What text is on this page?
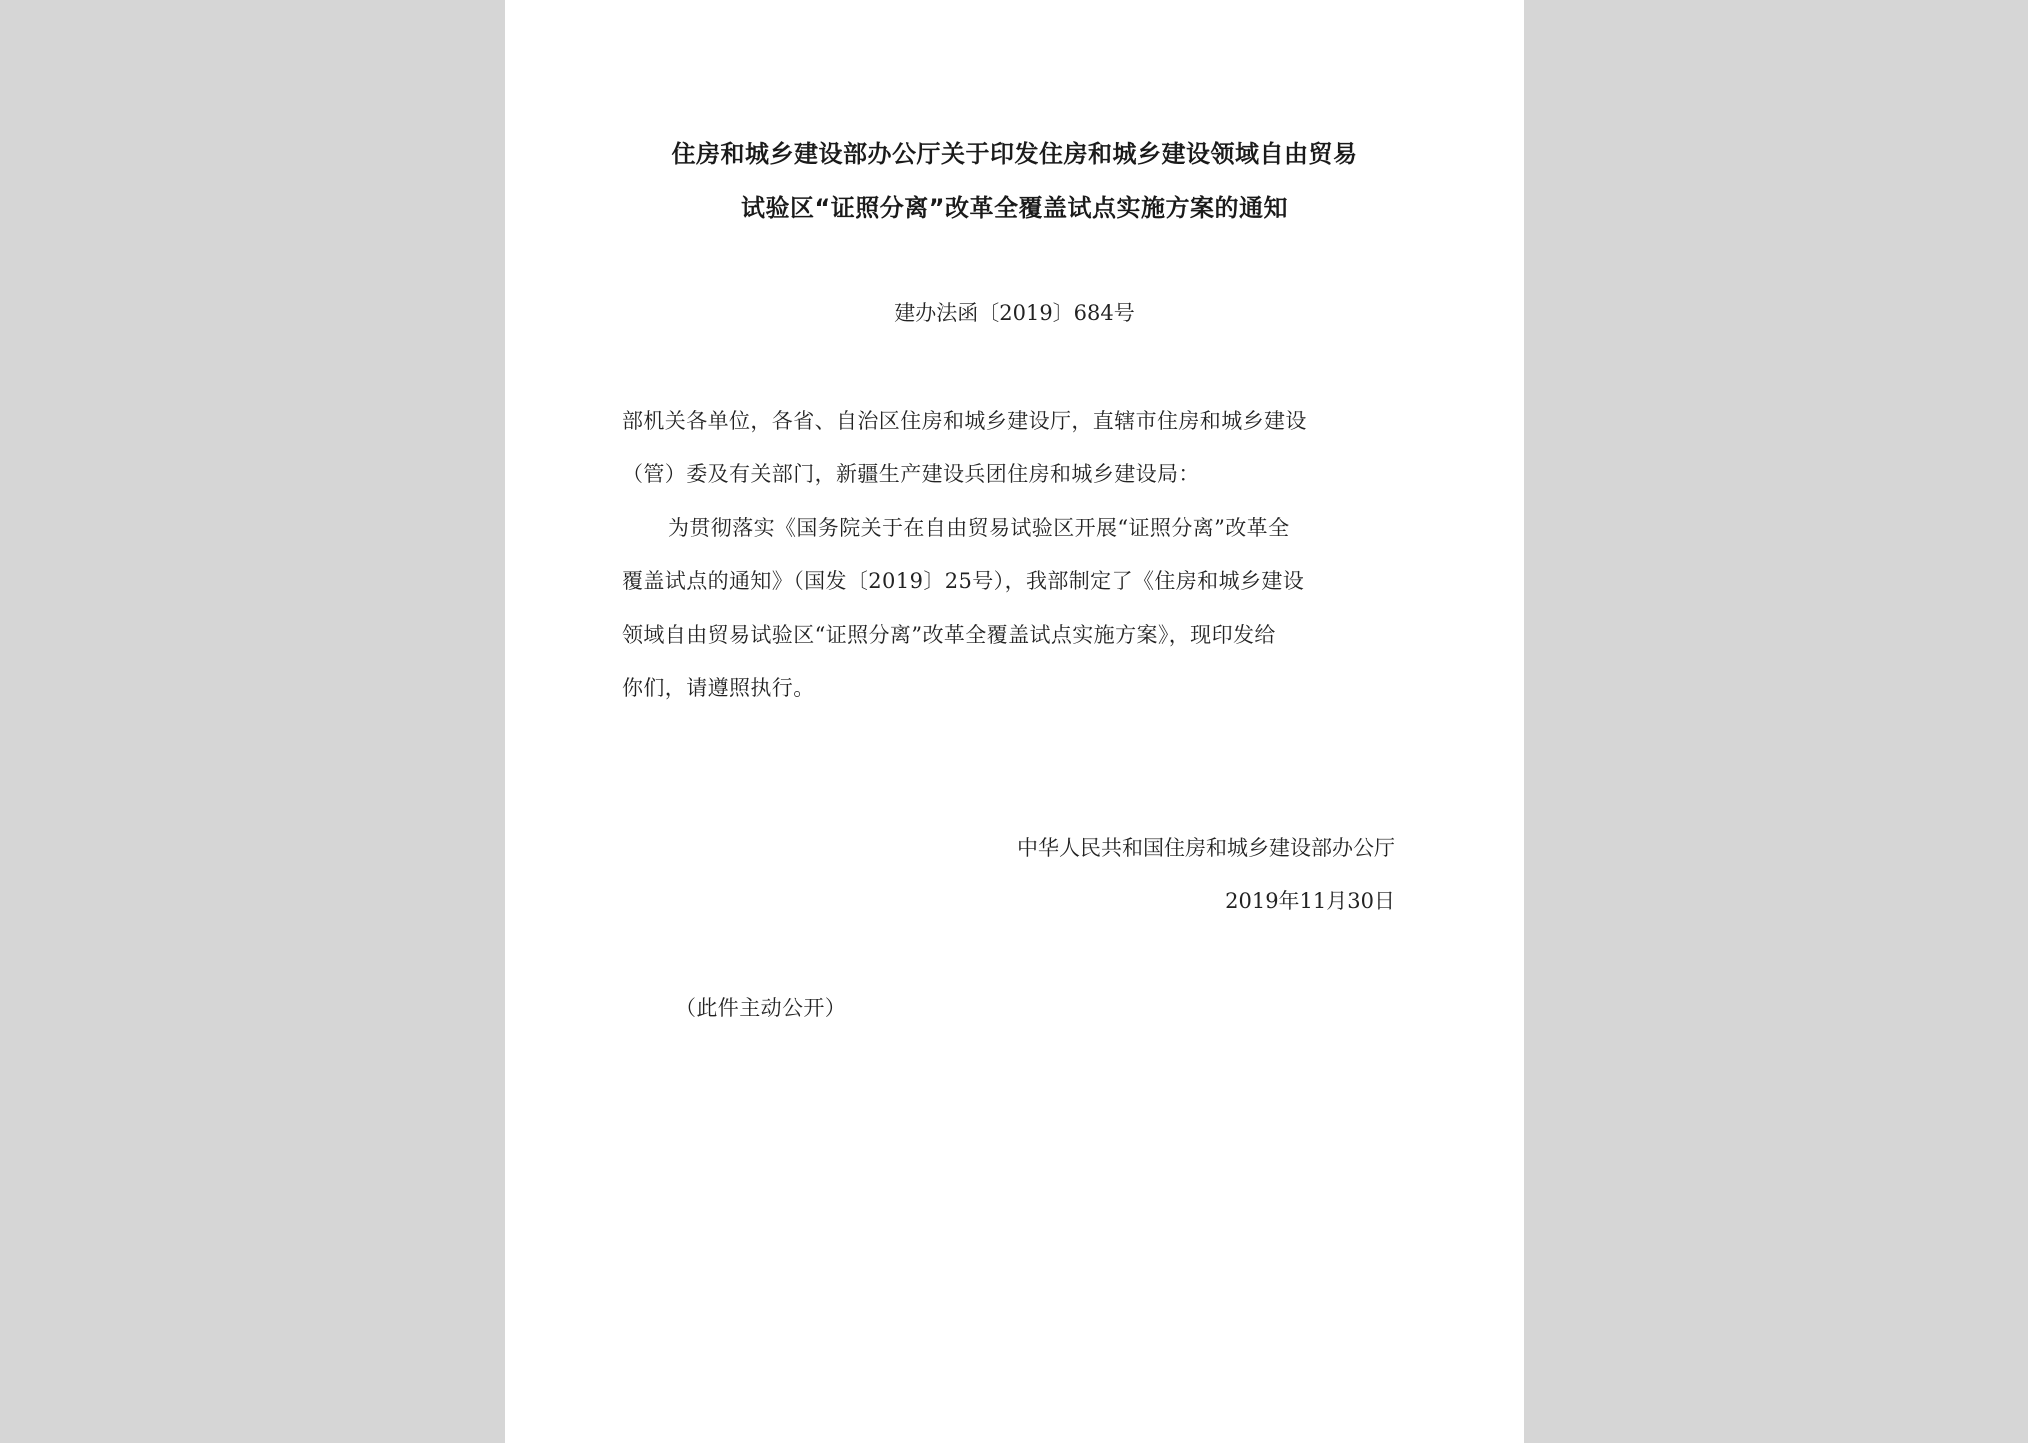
住房和城乡建设部办公厅关于印发住房和城乡建设领域自由贸易
试验区“证照分离”改革全覆盖试点实施方案的通知
建办法函〔2019〕684号
部机关各单位，各省、自治区住房和城乡建设厅，直辖市住房和城乡建设
（管）委及有关部门，新疆生产建设兵团住房和城乡建设局：
为贯彻落实《国务院关于在自由贸易试验区开展“证照分离”改革全
覆盖试点的通知》（国发〔2019〕25号），我部制定了《住房和城乡建设
领域自由贸易试验区“证照分离”改革全覆盖试点实施方案》，现印发给
你们，请遵照执行。
中华人民共和国住房和城乡建设部办公厅
2019年11月30日
（此件主动公开）
